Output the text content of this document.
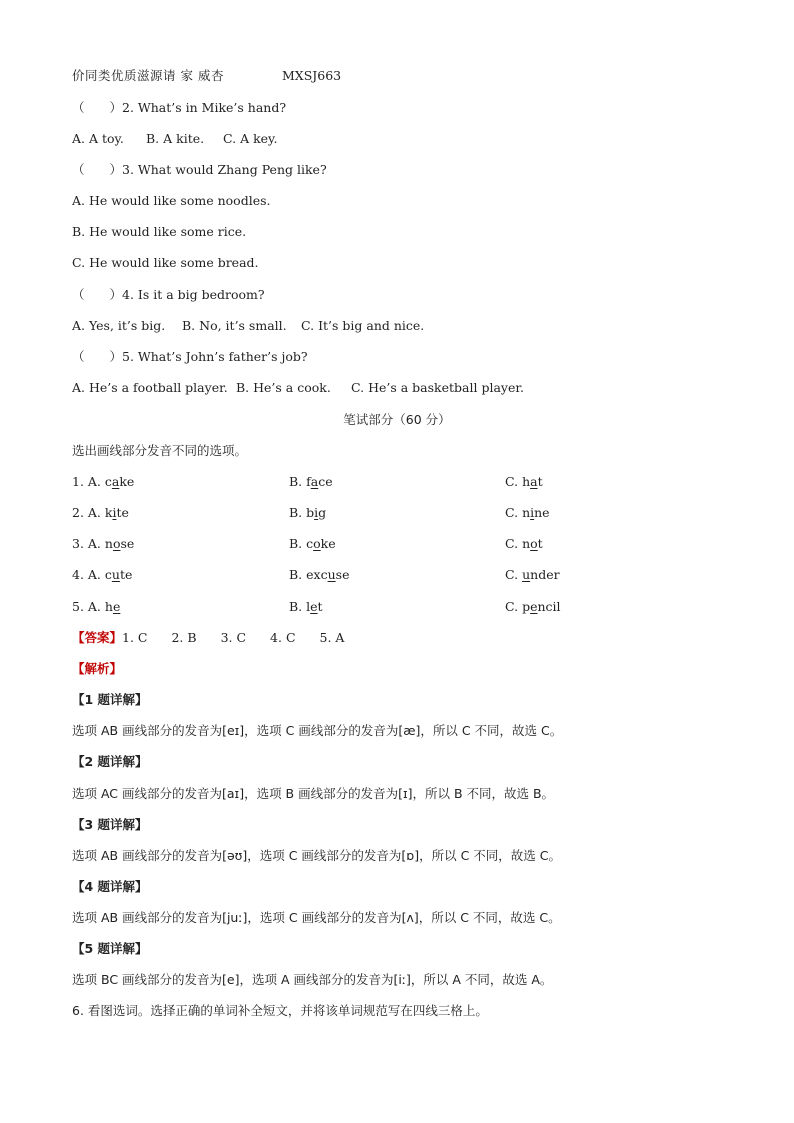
价同类优质滋源请 家 威杏	MXSJ663
（　　）2. What’s in Mike’s hand?
A. A toy. B. A kite. C. A key.
（　　）3. What would Zhang Peng like?
A. He would like some noodles.
B. He would like some rice.
C. He would like some bread.
（　　）4. Is it a big bedroom?
A. Yes, it’s big. B. No, it’s small. C. It’s big and nice.
（　　）5. What’s John’s father’s job?
A. He’s a football player. B. He’s a cook. C. He’s a basketball player.
笔试部分（60 分）
选出画线部分发音不同的选项。
1. A. cake	B. face	C. hat
2. A. kite	B. big	C. nine
3. A. nose	B. coke	C. not
4. A. cute	B. excuse	C. under
5. A. he	B. let	C. pencil
【答案】1. C 2. B 3. C 4. C 5. A
【解析】
【1 题详解】
选项 AB 画线部分的发音为[eɪ]，选项 C 画线部分的发音为[æ]，所以 C 不同，故选 C。
【2 题详解】
选项 AC 画线部分的发音为[aɪ]，选项 B 画线部分的发音为[ɪ]，所以 B 不同，故选 B。
【3 题详解】
选项 AB 画线部分的发音为[əʊ]，选项 C 画线部分的发音为[ɒ]，所以 C 不同，故选 C。
【4 题详解】
选项 AB 画线部分的发音为[juː]，选项 C 画线部分的发音为[ʌ]，所以 C 不同，故选 C。
【5 题详解】
选项 BC 画线部分的发音为[e]，选项 A 画线部分的发音为[iː]，所以 A 不同，故选 A。
6. 看图选词。选择正确的单词补全短文，并将该单词规范写在四线三格上。
